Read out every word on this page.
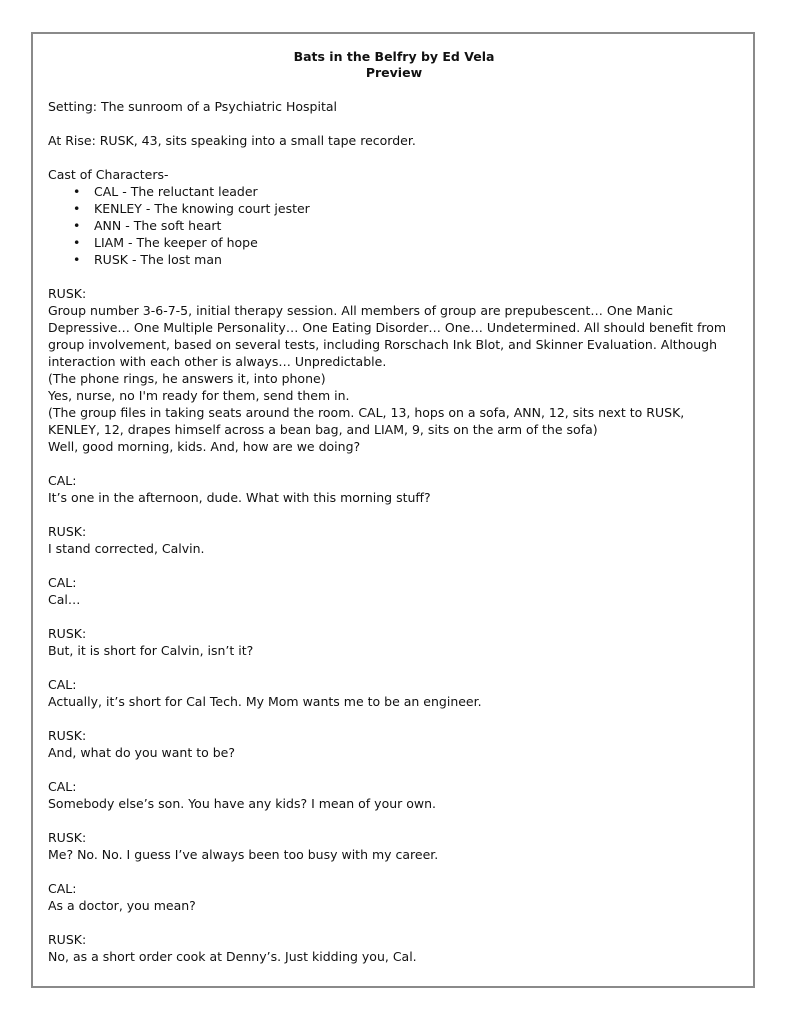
Bats in the Belfry by Ed Vela
Preview

Setting: The sunroom of a Psychiatric Hospital

At Rise: RUSK, 43, sits speaking into a small tape recorder.

Cast of Characters-
• CAL - The reluctant leader
• KENLEY - The knowing court jester
• ANN - The soft heart
• LIAM - The keeper of hope
• RUSK - The lost man
RUSK:
Group number 3-6-7-5, initial therapy session. All members of group are prepubescent… One Manic
Depressive… One Multiple Personality… One Eating Disorder… One… Undetermined. All should benefit from
group involvement, based on several tests, including Rorschach Ink Blot, and Skinner Evaluation. Although
interaction with each other is always… Unpredictable.
(The phone rings, he answers it, into phone)
Yes, nurse, no I'm ready for them, send them in.
(The group files in taking seats around the room. CAL, 13, hops on a sofa, ANN, 12, sits next to RUSK,
KENLEY, 12, drapes himself across a bean bag, and LIAM, 9, sits on the arm of the sofa)
Well, good morning, kids. And, how are we doing?
CAL:
It’s one in the afternoon, dude. What with this morning stuff?
RUSK:
I stand corrected, Calvin.
CAL:
Cal…
RUSK:
But, it is short for Calvin, isn’t it?
CAL:
Actually, it’s short for Cal Tech. My Mom wants me to be an engineer.
RUSK:
And, what do you want to be?
CAL:
Somebody else’s son. You have any kids? I mean of your own.
RUSK:
Me? No. No. I guess I’ve always been too busy with my career.
CAL:
As a doctor, you mean?
RUSK:
No, as a short order cook at Denny’s. Just kidding you, Cal.
